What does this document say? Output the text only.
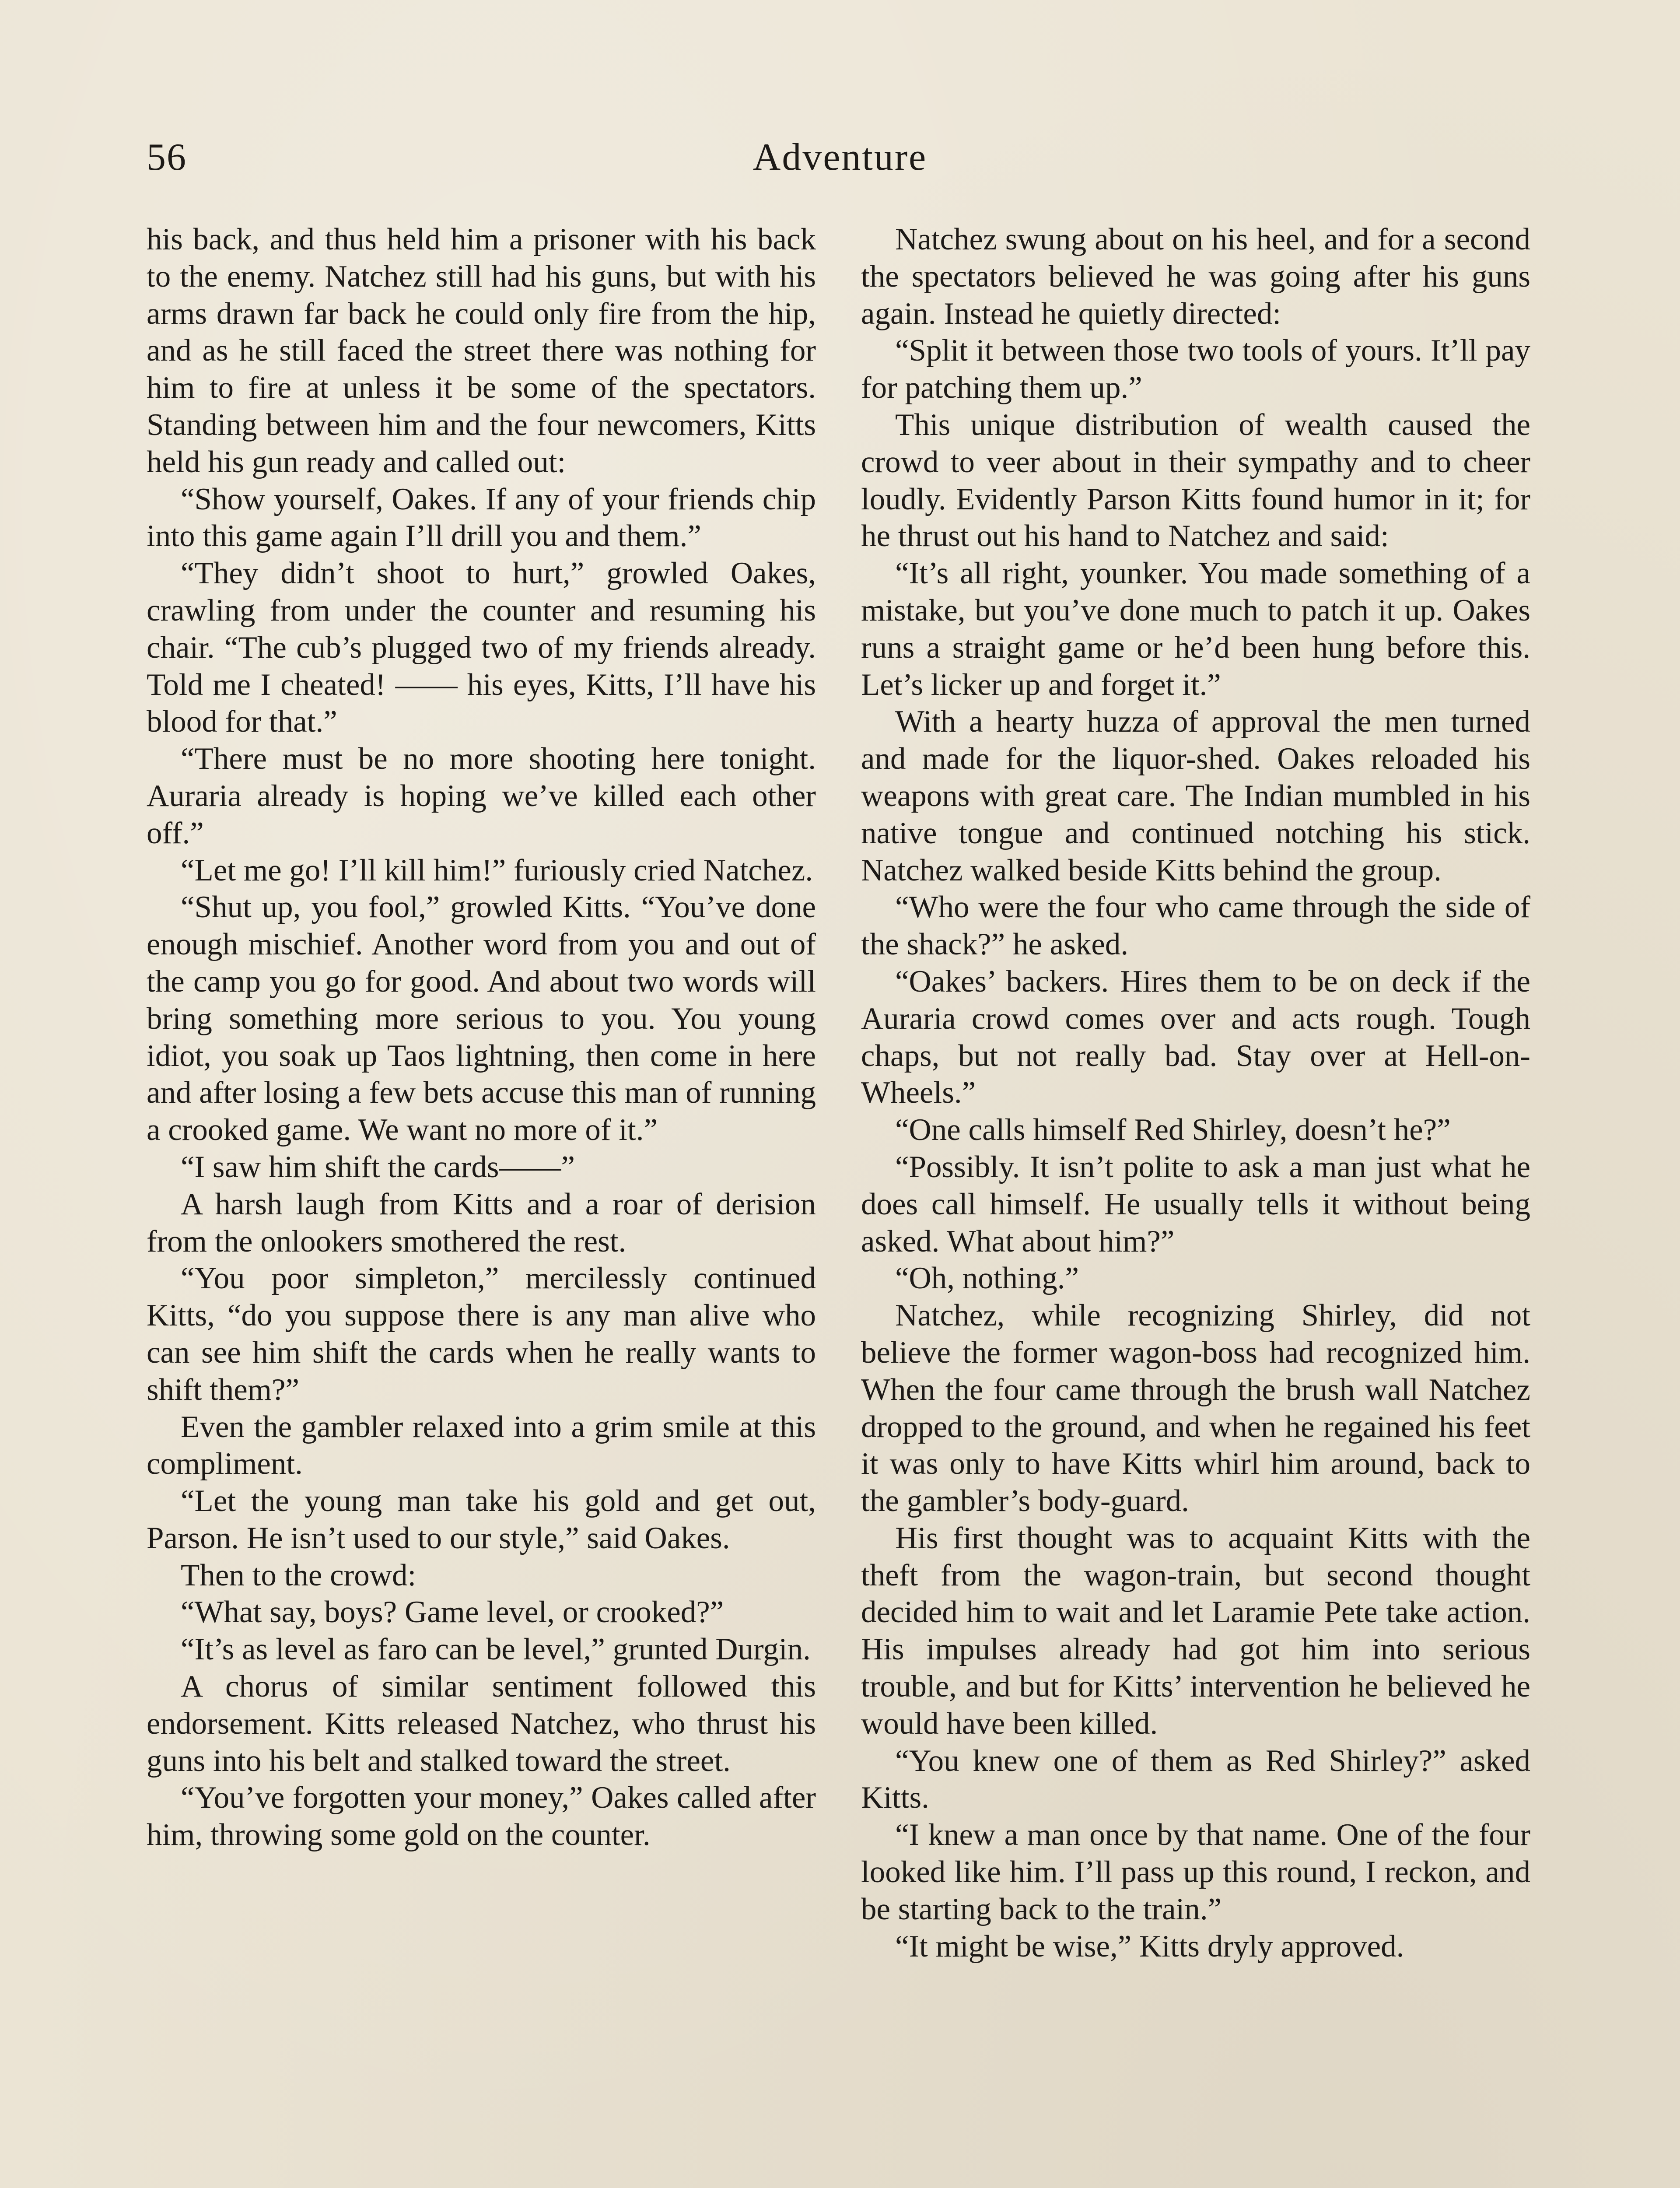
56	Adventure

his back, and thus held him a prisoner with his back to the enemy. Natchez still had his guns, but with his arms drawn far back he could only fire from the hip, and as he still faced the street there was nothing for him to fire at unless it be some of the spectators. Standing between him and the four newcomers, Kitts held his gun ready and called out:

“Show yourself, Oakes. If any of your friends chip into this game again I’ll drill you and them.”

“They didn’t shoot to hurt,” growled Oakes, crawling from under the counter and resuming his chair. “The cub’s plugged two of my friends already. Told me I cheated! —— his eyes, Kitts, I’ll have his blood for that.”

“There must be no more shooting here tonight. Auraria already is hoping we’ve killed each other off.”

“Let me go! I’ll kill him!” furiously cried Natchez.

“Shut up, you fool,” growled Kitts. “You’ve done enough mischief. Another word from you and out of the camp you go for good. And about two words will bring something more serious to you. You young idiot, you soak up Taos lightning, then come in here and after losing a few bets accuse this man of running a crooked game. We want no more of it.”

“I saw him shift the cards——”

A harsh laugh from Kitts and a roar of derision from the onlookers smothered the rest.

“You poor simpleton,” mercilessly continued Kitts, “do you suppose there is any man alive who can see him shift the cards when he really wants to shift them?”

Even the gambler relaxed into a grim smile at this compliment.

“Let the young man take his gold and get out, Parson. He isn’t used to our style,” said Oakes.

Then to the crowd:

“What say, boys? Game level, or crooked?”

“It’s as level as faro can be level,” grunted Durgin.

A chorus of similar sentiment followed this endorsement. Kitts released Natchez, who thrust his guns into his belt and stalked toward the street.

“You’ve forgotten your money,” Oakes called after him, throwing some gold on the counter.

Natchez swung about on his heel, and for a second the spectators believed he was going after his guns again. Instead he quietly directed:

“Split it between those two tools of yours. It’ll pay for patching them up.”

This unique distribution of wealth caused the crowd to veer about in their sympathy and to cheer loudly. Evidently Parson Kitts found humor in it; for he thrust out his hand to Natchez and said:

“It’s all right, younker. You made something of a mistake, but you’ve done much to patch it up. Oakes runs a straight game or he’d been hung before this. Let’s licker up and forget it.”

With a hearty huzza of approval the men turned and made for the liquor-shed. Oakes reloaded his weapons with great care. The Indian mumbled in his native tongue and continued notching his stick. Natchez walked beside Kitts behind the group.

“Who were the four who came through the side of the shack?” he asked.

“Oakes’ backers. Hires them to be on deck if the Auraria crowd comes over and acts rough. Tough chaps, but not really bad. Stay over at Hell-on-Wheels.”

“One calls himself Red Shirley, doesn’t he?”

“Possibly. It isn’t polite to ask a man just what he does call himself. He usually tells it without being asked. What about him?”

“Oh, nothing.”

Natchez, while recognizing Shirley, did not believe the former wagon-boss had recognized him. When the four came through the brush wall Natchez dropped to the ground, and when he regained his feet it was only to have Kitts whirl him around, back to the gambler’s body-guard.

His first thought was to acquaint Kitts with the theft from the wagon-train, but second thought decided him to wait and let Laramie Pete take action. His impulses already had got him into serious trouble, and but for Kitts’ intervention he believed he would have been killed.

“You knew one of them as Red Shirley?” asked Kitts.

“I knew a man once by that name. One of the four looked like him. I’ll pass up this round, I reckon, and be starting back to the train.”

“It might be wise,” Kitts dryly approved.
